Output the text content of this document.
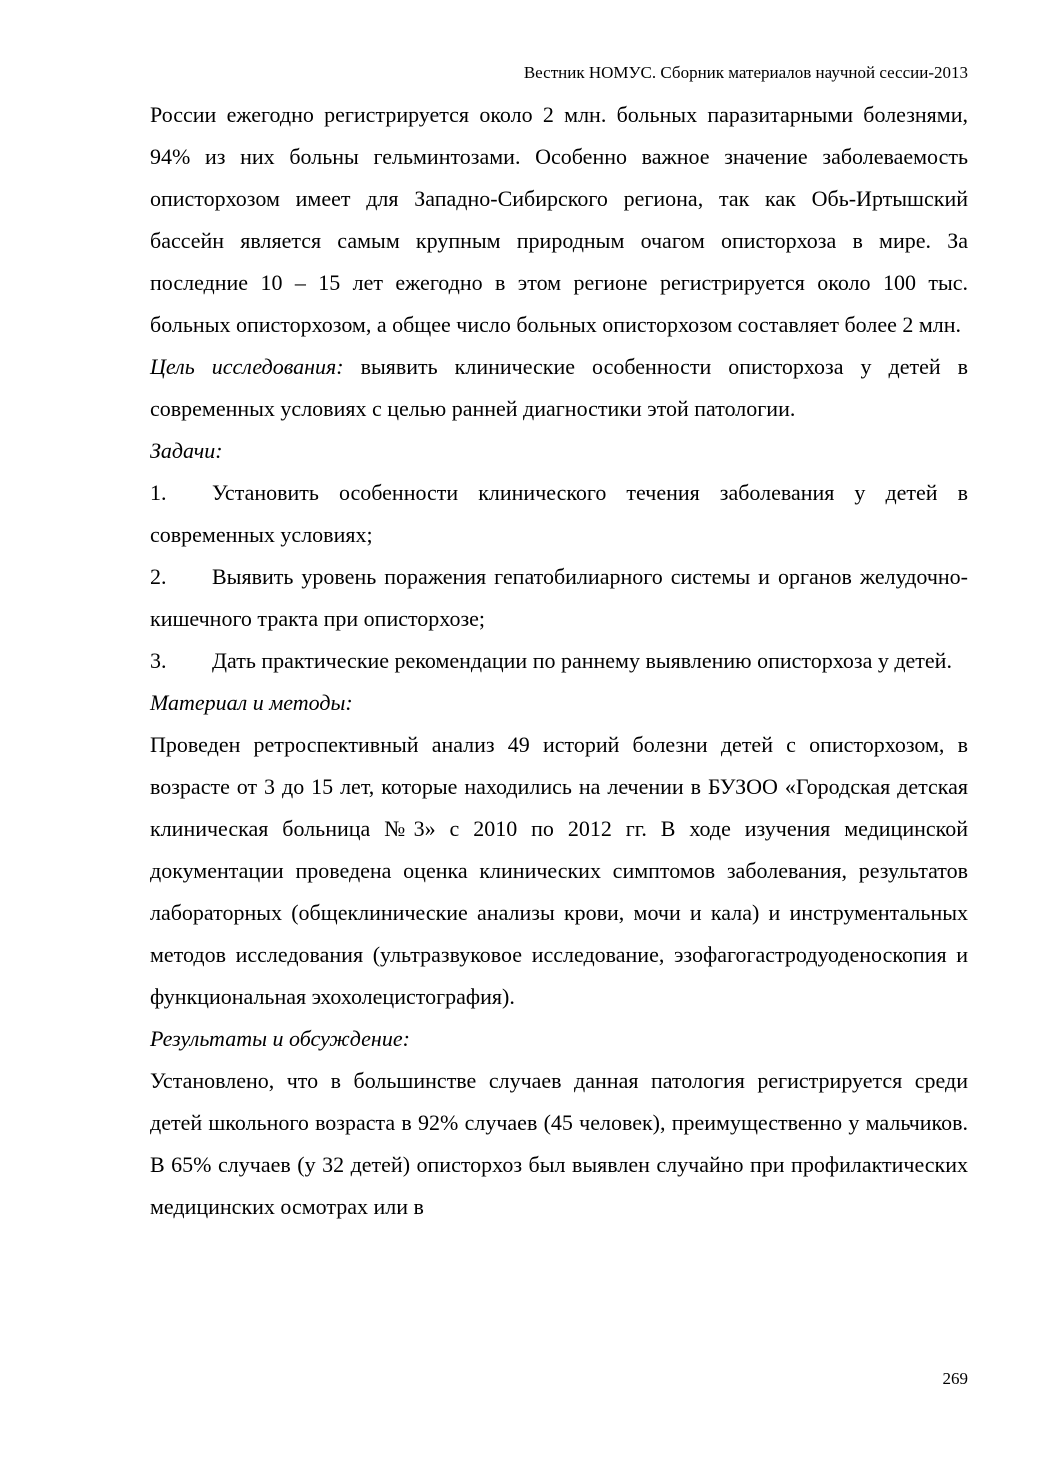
Вестник НОМУС. Сборник материалов научной сессии-2013

России ежегодно регистрируется около 2 млн. больных паразитарными болезнями, 94% из них больны гельминтозами. Особенно важное значение заболеваемость описторхозом имеет для Западно-Сибирского региона, так как Обь-Иртышский бассейн является самым крупным природным очагом описторхоза в мире. За последние 10 – 15 лет ежегодно в этом регионе регистрируется около 100 тыс. больных описторхозом, а общее число больных описторхозом составляет более 2 млн.

Цель исследования: выявить клинические особенности описторхоза у детей в современных условиях с целью ранней диагностики этой патологии.

Задачи:

1. Установить особенности клинического течения заболевания у детей в современных условиях;

2. Выявить уровень поражения гепатобилиарного системы и органов желудочно-кишечного тракта при описторхозе;

3. Дать практические рекомендации по раннему выявлению описторхоза у детей.

Материал и методы:

Проведен ретроспективный анализ 49 историй болезни детей с описторхозом, в возрасте от 3 до 15 лет, которые находились на лечении в БУЗОО «Городская детская клиническая больница №3» с 2010 по 2012 гг. В ходе изучения медицинской документации проведена оценка клинических симптомов заболевания, результатов лабораторных (общеклинические анализы крови, мочи и кала) и инструментальных методов исследования (ультразвуковое исследование, эзофагогастродуоденоскопия и функциональная эхохолецистография).

Результаты и обсуждение:

Установлено, что в большинстве случаев данная патология регистрируется среди детей школьного возраста в 92% случаев (45 человек), преимущественно у мальчиков. В 65% случаев (у 32 детей) описторхоз был выявлен случайно при профилактических медицинских осмотрах или в

269
